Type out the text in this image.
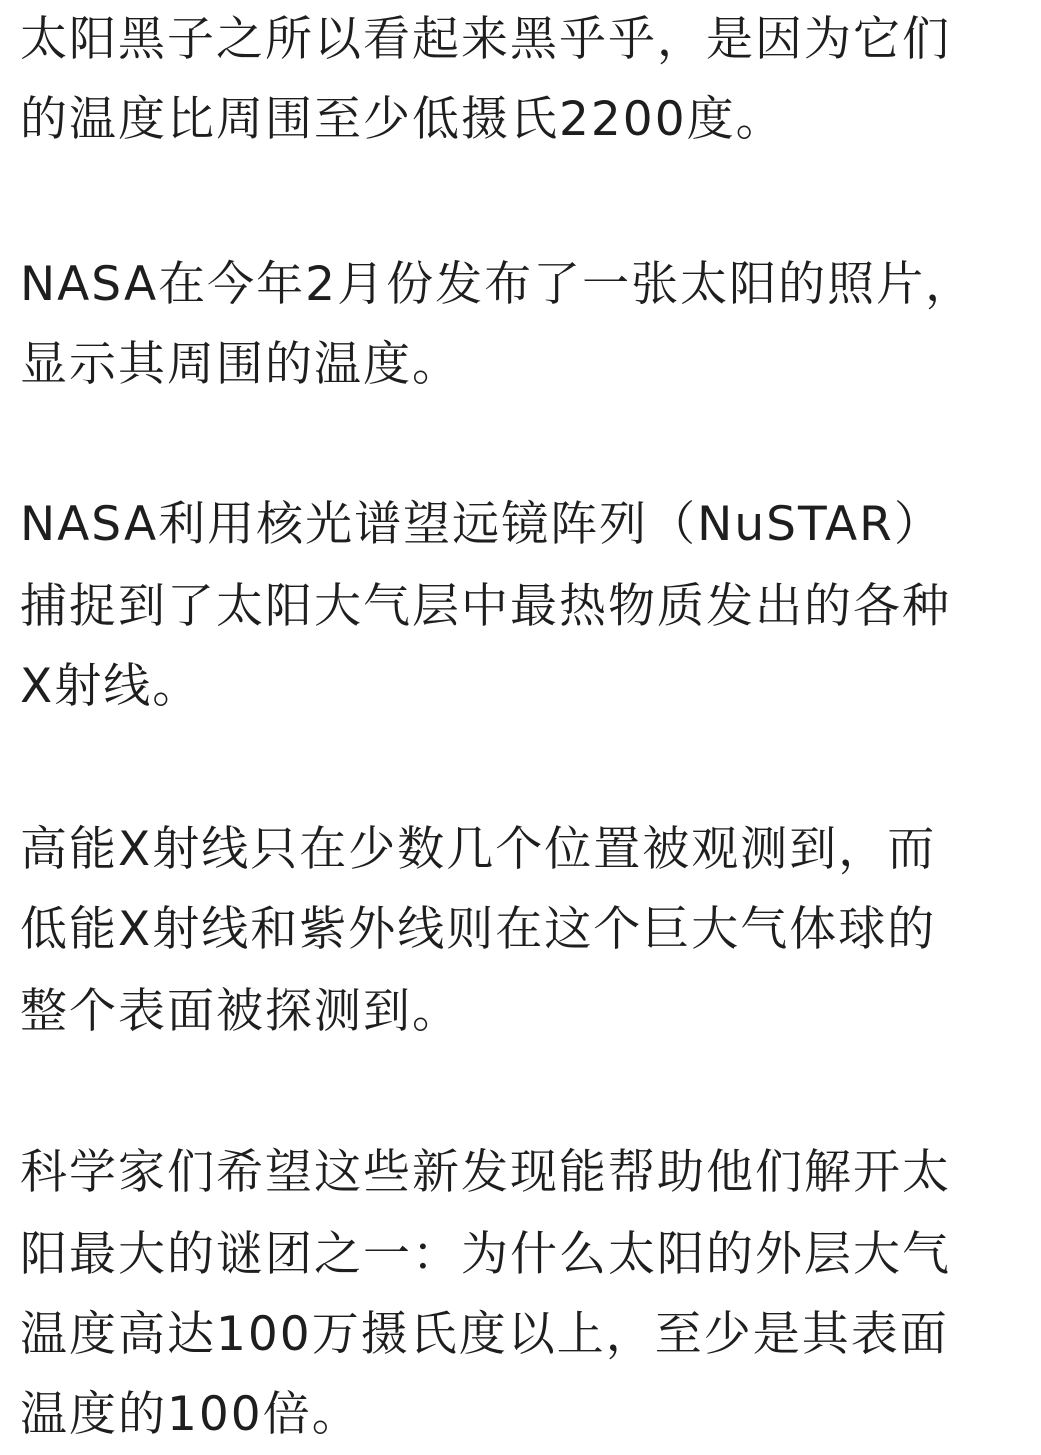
太阳黑子之所以看起来黑乎乎，是因为它们
的温度比周围至少低摄氏2200度。
NASA在今年2月份发布了一张太阳的照片，
显示其周围的温度。
NASA利用核光谱望远镜阵列（NuSTAR）
捕捉到了太阳大气层中最热物质发出的各种
X射线。
高能X射线只在少数几个位置被观测到，而
低能X射线和紫外线则在这个巨大气体球的
整个表面被探测到。
科学家们希望这些新发现能帮助他们解开太
阳最大的谜团之一：为什么太阳的外层大气
温度高达100万摄氏度以上，至少是其表面
温度的100倍。
